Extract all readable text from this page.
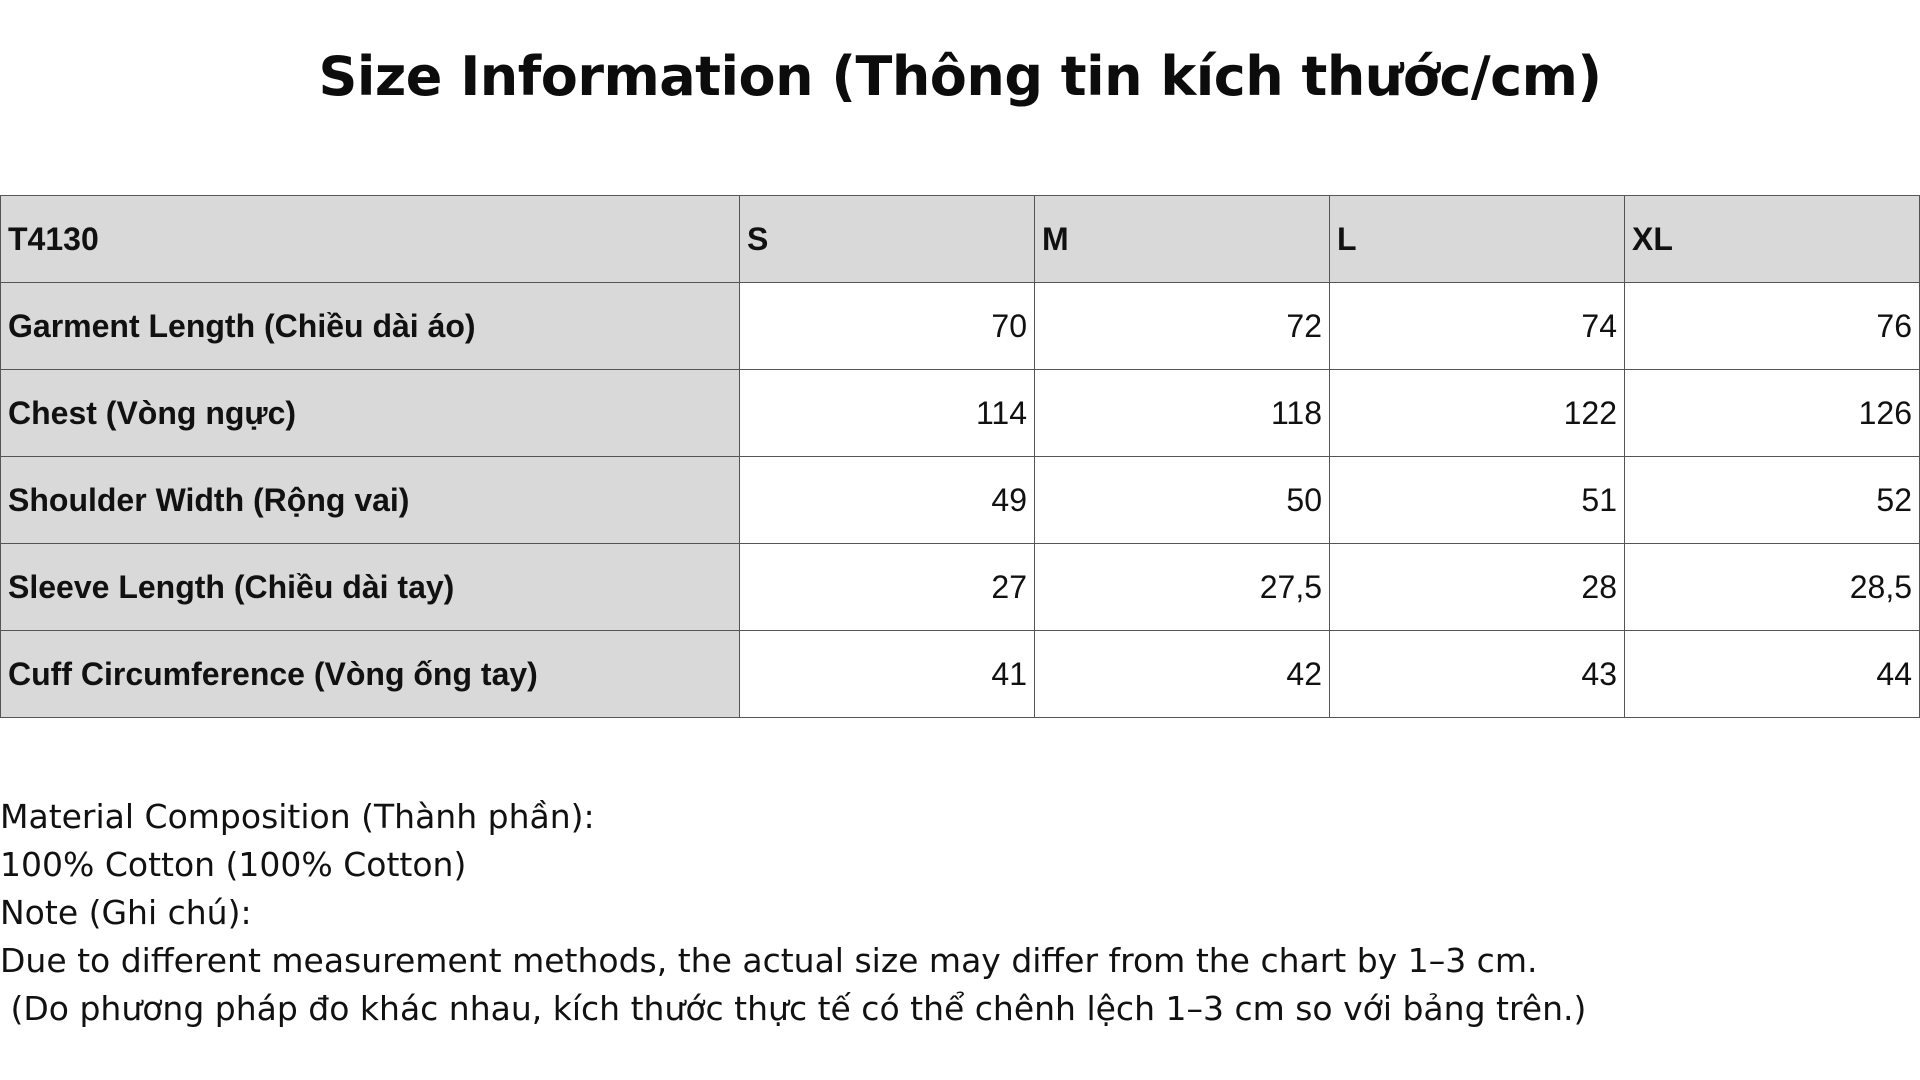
Size Information (Thông tin kích thước/cm)
T4130	S	M	L	XL
Garment Length (Chiều dài áo)	70	72	74	76
Chest (Vòng ngực)	114	118	122	126
Shoulder Width (Rộng vai)	49	50	51	52
Sleeve Length (Chiều dài tay)	27	27,5	28	28,5
Cuff Circumference (Vòng ống tay)	41	42	43	44
Material Composition (Thành phần):
100% Cotton (100% Cotton)
Note (Ghi chú):
Due to different measurement methods, the actual size may differ from the chart by 1–3 cm.
(Do phương pháp đo khác nhau, kích thước thực tế có thể chênh lệch 1–3 cm so với bảng trên.)
